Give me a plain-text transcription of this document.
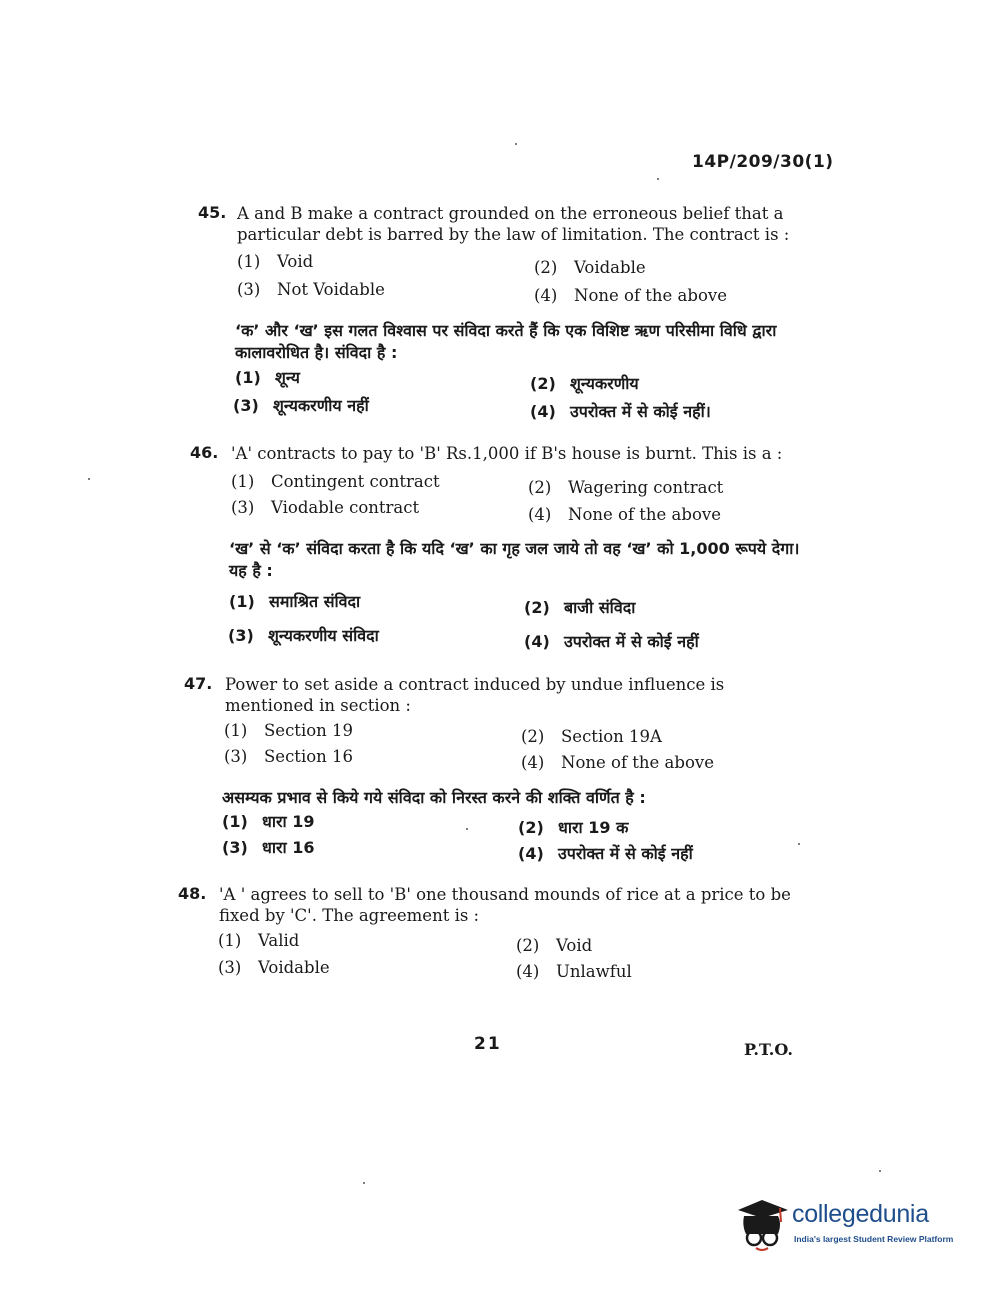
14P/209/30(1)
45. A and B make a contract grounded on the erroneous belief that a particular debt is barred by the law of limitation. The contract is :
(1) Void	(2) Voidable
(3) Not Voidable	(4) None of the above
‘क’ और ‘ख’ इस गलत विश्वास पर संविदा करते हैं कि एक विशिष्ट ऋण परिसीमा विधि द्वारा कालावरोधित है। संविदा है :
(1) शून्य	(2) शून्यकरणीय
(3) शून्यकरणीय नहीं	(4) उपरोक्त में से कोई नहीं।
46. 'A' contracts to pay to 'B' Rs.1,000 if B's house is burnt. This is a :
(1) Contingent contract	(2) Wagering contract
(3) Viodable contract	(4) None of the above
‘ख’ से ‘क’ संविदा करता है कि यदि ‘ख’ का गृह जल जाये तो वह ‘ख’ को 1,000 रूपये देगा। यह है :
(1) समाश्रित संविदा	(2) बाजी संविदा
(3) शून्यकरणीय संविदा	(4) उपरोक्त में से कोई नहीं
47. Power to set aside a contract induced by undue influence is mentioned in section :
(1) Section 19	(2) Section 19A
(3) Section 16	(4) None of the above
असम्यक प्रभाव से किये गये संविदा को निरस्त करने की शक्ति वर्णित है :
(1) धारा 19	(2) धारा 19 क
(3) धारा 16	(4) उपरोक्त में से कोई नहीं
48. 'A ' agrees to sell to 'B' one thousand mounds of rice at a price to be fixed by 'C'. The agreement is :
(1) Valid	(2) Void
(3) Voidable	(4) Unlawful
21	P.T.O.
collegedunia
India's largest Student Review Platform
